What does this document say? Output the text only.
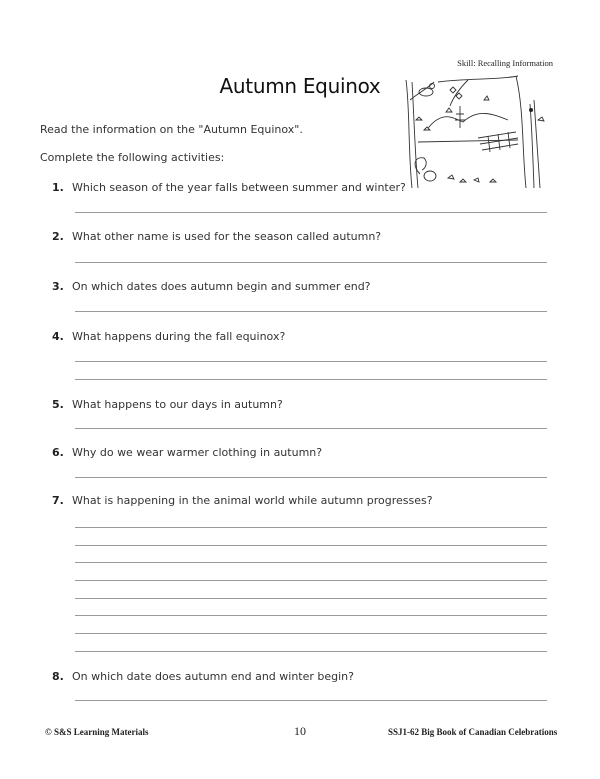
Skill: Recalling Information
Autumn Equinox
Read the information on the "Autumn Equinox".
Complete the following activities:
1. Which season of the year falls between summer and winter?
2. What other name is used for the season called autumn?
3. On which dates does autumn begin and summer end?
4. What happens during the fall equinox?
5. What happens to our days in autumn?
6. Why do we wear warmer clothing in autumn?
7. What is happening in the animal world while autumn progresses?
8. On which date does autumn end and winter begin?
© S&S Learning Materials	10	SSJ1-62 Big Book of Canadian Celebrations
